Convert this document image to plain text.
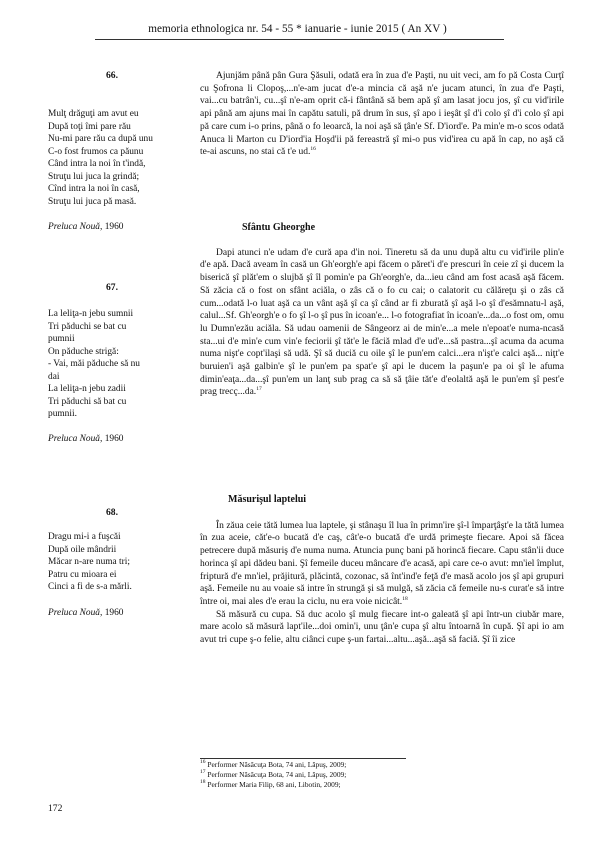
memoria ethnologica nr. 54 - 55 * ianuarie - iunie 2015 ( An XV )
66.
Mulţ drăguţi am avut eu
După toţi îmi pare rău
Nu-mi pare rău ca după unu
C-o fost frumos ca păunu
Când intra la noi în t'indă,
Struţu lui juca la grindă;
Cînd intra la noi în casă,
Struţu lui juca pă masă.
Preluca Nouă, 1960
67.
La leliţa-n jebu sumnii
Tri păduchi se bat cu
pumnii
On păduche strigă:
- Vai, măi păduche să nu
dai
La leliţa-n jebu zadii
Tri păduchi să bat cu
pumnii.
Preluca Nouă, 1960
68.
Dragu mi-i a fuşcăi
După oile mândrii
Măcar n-are numa tri;
Patru cu mioara ei
Cinci a fi de s-a mărli.
Preluca Nouă, 1960

Ajunjăm până pân Gura Şăsuli, odată era în zua d'e Paşti, nu uit veci, am fo pă Costa Curţî cu Şofrona li Clopoş,...n'e-am jucat d'e-a mincia că aşă n'e jucam atunci, în zua d'e Paşti, vai...cu batrân'i, cu...şî n'e-am oprit că-i fântână să bem apă şî am lasat jocu jos, şî cu vid'irile api până am ajuns mai în capătu satuli, pă drum în sus, şî apo i ieşât şî d'i colo şî d'i colo şî api pă care cum i-o prins, până o fo leoarcă, la noi aşă să ţân'e Sf. D'iord'e. Pa min'e m-o scos odată Anuca li Marton cu D'iord'ia Hoşd'ii pă fereastră şî mi-o pus vid'irea cu apă în cap, no aşă că te-ai ascuns, no stai că t'e ud.$^{16}$

Sfântu Gheorghe

Dapi atunci n'e udam d'e cură apa d'in noi. Tineretu să da unu după altu cu vid'irile plin'e d'e apă. Dacă aveam în casă un Gh'eorgh'e api făcem o păret'i d'e prescuri în ceie zî şi ducem la biserică şî plăt'em o slujbă şî îl pomin'e pa Gh'eorgh'e, da...ieu când am fost acasă aşă făcem. Să zăcia că o fost on sfânt aciăla, o zâs că o fo cu cai; o calatorit cu călăreţu şi o zâs că cum...odată l-o luat aşă ca un vânt aşă şî ca şî când ar fi zburată şî aşă l-o şî d'esămnatu-l aşă, calul...Sf. Gh'eorgh'e o fo şî l-o şî pus în icoan'e... l-o fotografiat în icoan'e...da...o fost om, omu lu Dumn'ezău aciăla. Să udau oamenii de Sângeorz ai de min'e...a mele n'epoat'e numa-ncasă sta...ui d'e min'e cum vin'e feciorii şî tăt'e le făciă mlad d'e ud'e...să pastra...şî acuma da acuma numa nişt'e copt'ilaşi să udă. Şî să duciă cu oile şî le pun'em calci...era n'işt'e calci aşă... niţt'e buruien'i aşă galbin'e şî le pun'em pa spat'e şî api le ducem la paşun'e pa oi şî le afuma dimin'eaţa...da...şî pun'em un lanţ sub prag ca să să ţâie tăt'e d'eolaltă aşă le pun'em şî pest'e prag trecç...da.$^{17}$

Măsurişul laptelui

În zăua ceie tătă lumea lua laptele, şi stânaşu îl lua în primn'ire şî-l împarţâşt'e la tătă lumea în zua aceie, căt'e-o bucată d'e caş, cât'e-o bucată d'e urdă primeşte fiecare. Apoi să făcea petrecere după măsuriş d'e numa numa. Atuncia punç bani pă horincă fiecare. Capu stân'ii duce horinca şî api dădeu bani. Şî femeile duceu mâncare d'e acasă, api care ce-o avut: mn'iel împlut, friptură d'e mn'iel, prăjitură, plăcintă, cozonac, să înt'ind'e feţă d'e masă acolo jos şî api grupuri aşă. Femeile nu au voaie să intre în strungă şi să mulgă, să zăcia că femeile nu-s curat'e să intre între oi, mai ales d'e erau la ciclu, nu era voie nicicât.$^{18}$

Să măsură cu cupa. Să duc acolo şî mulg fiecare int-o galeată şî api într-un ciubăr mare, mare acolo să măsură lapt'ile...doi omin'i, unu ţân'e cupa şî altu întoarnă în cupă. Şî api io am avut tri cupe ş-o felie, altu ciânci cupe ş-un fartai...altu...aşă...aşă să faciă. Şî îi zice

$^{16}$ Performer Năsăcuţa Bota, 74 ani, Lăpuş, 2009;
$^{17}$ Performer Năsăcuţa Bota, 74 ani, Lăpuş, 2009;
$^{18}$ Performer Maria Filip, 68 ani, Libotin, 2009;
172
